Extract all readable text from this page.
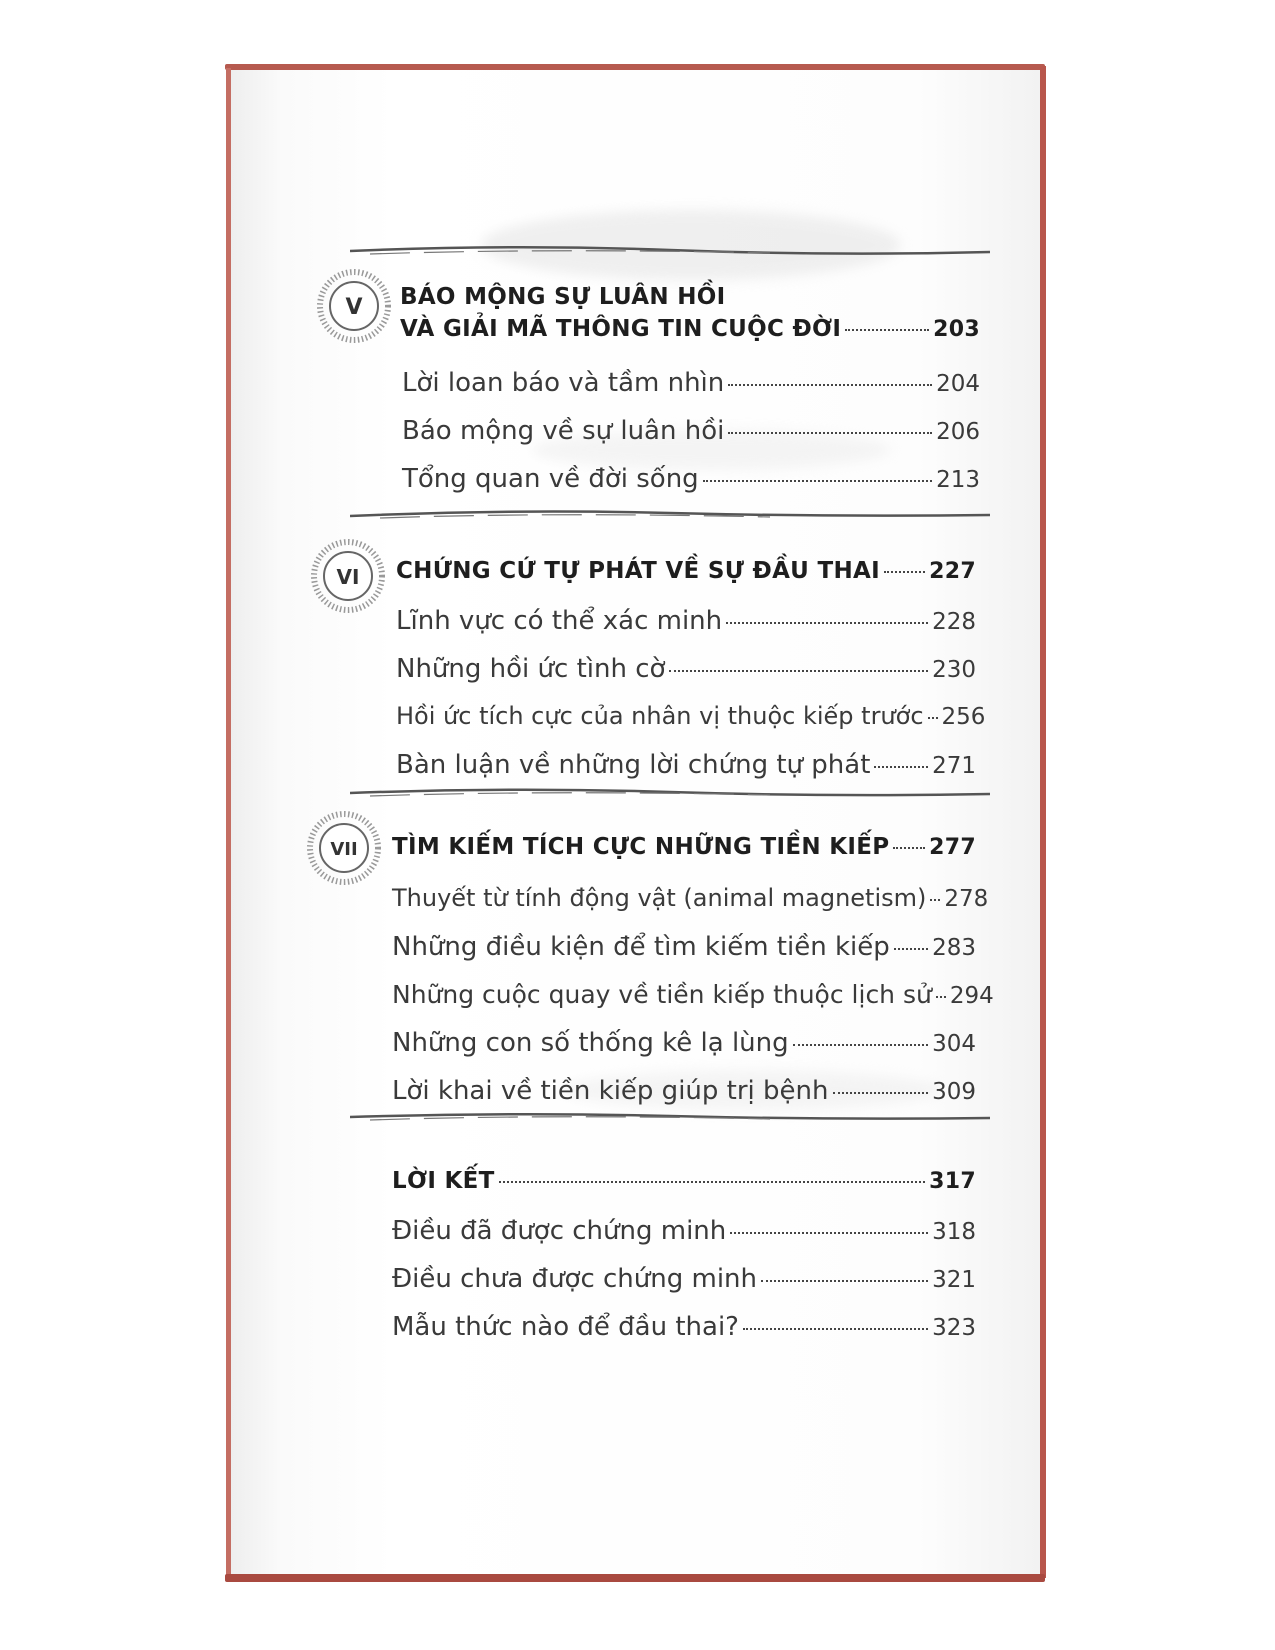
V
VI
VII
BÁO MỘNG SỰ LUÂN HỒI
VÀ GIẢI MÃ THÔNG TIN CUỘC ĐỜI	203
Lời loan báo và tầm nhìn	204
Báo mộng về sự luân hồi	206
Tổng quan về đời sống	213
CHỨNG CỨ TỰ PHÁT VỀ SỰ ĐẦU THAI 227
Lĩnh vực có thể xác minh	228
Những hồi ức tình cờ	230
Hồi ức tích cực của nhân vị thuộc kiếp trước 256
Bàn luận về những lời chứng tự phát	271
TÌM KIẾM TÍCH CỰC NHỮNG TIỀN KIẾP 277
Thuyết từ tính động vật (animal magnetism) 278
Những điều kiện để tìm kiếm tiền kiếp 283
Những cuộc quay về tiền kiếp thuộc lịch sử 294
Những con số thống kê lạ lùng	304
Lời khai về tiền kiếp giúp trị bệnh	309
LỜI KẾT	317
Điều đã được chứng minh	318
Điều chưa được chứng minh	321
Mẫu thức nào để đầu thai?	323
